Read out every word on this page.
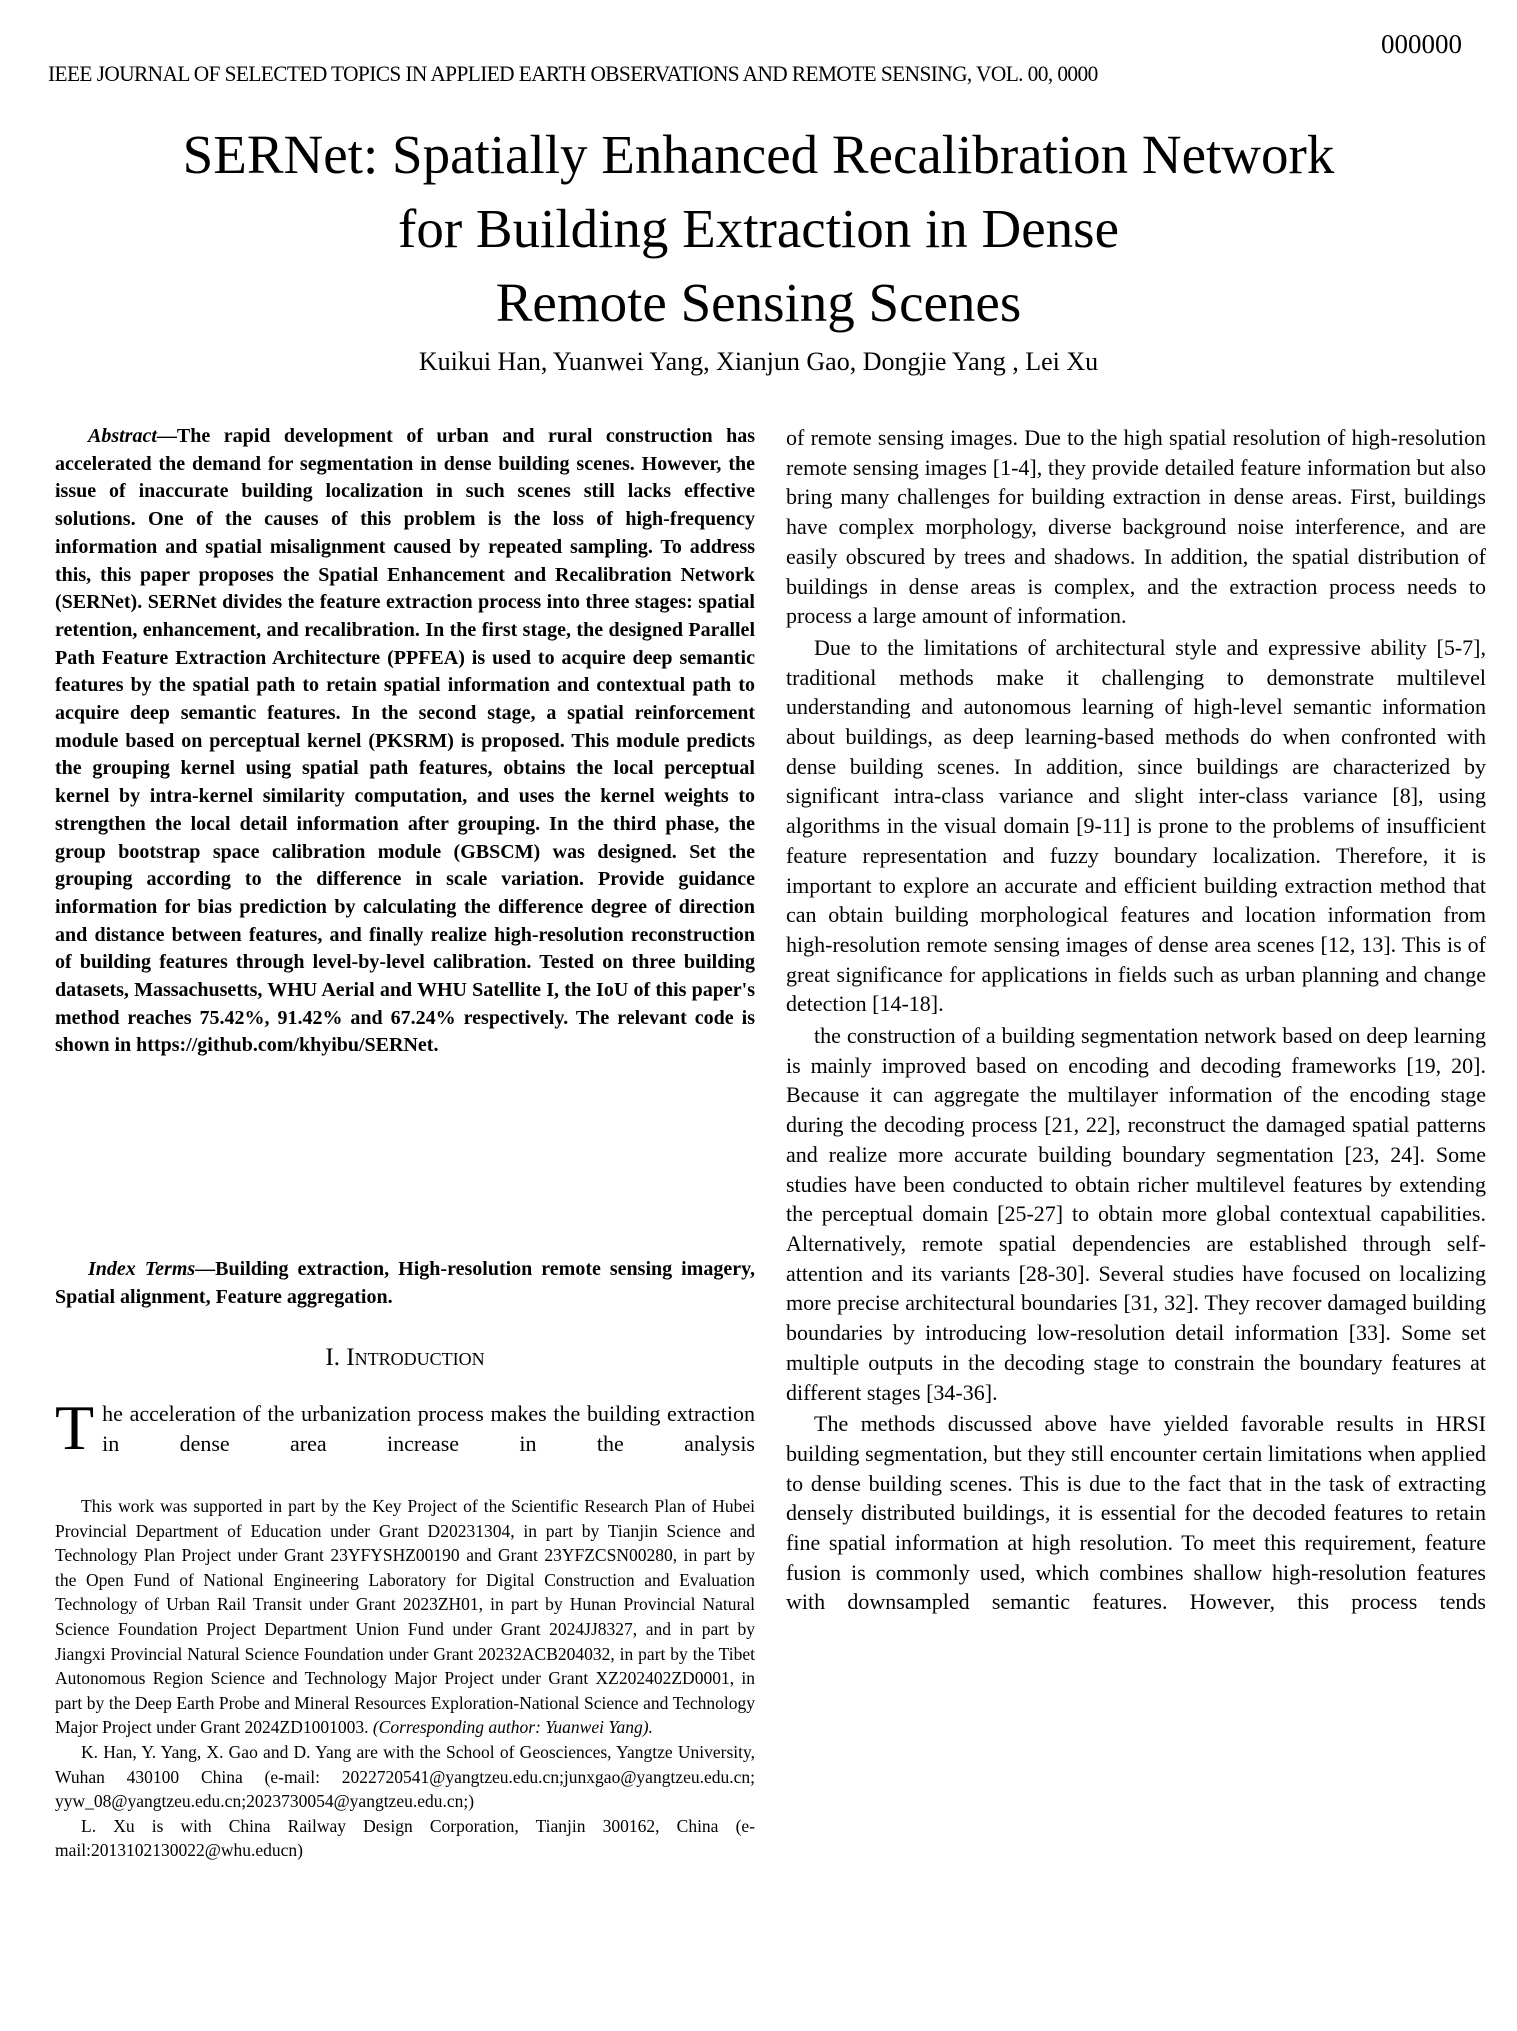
000000
IEEE JOURNAL OF SELECTED TOPICS IN APPLIED EARTH OBSERVATIONS AND REMOTE SENSING, VOL. 00, 0000
SERNet: Spatially Enhanced Recalibration Network
for Building Extraction in Dense
Remote Sensing Scenes
Kuikui Han, Yuanwei Yang, Xianjun Gao, Dongjie Yang , Lei Xu
Abstract—The rapid development of urban and rural construction has accelerated the demand for segmentation in dense building scenes. However, the issue of inaccurate building localization in such scenes still lacks effective solutions. One of the causes of this problem is the loss of high-frequency information and spatial misalignment caused by repeated sampling. To address this, this paper proposes the Spatial Enhancement and Recalibration Network (SERNet). SERNet divides the feature extraction process into three stages: spatial retention, enhancement, and recalibration. In the first stage, the designed Parallel Path Feature Extraction Architecture (PPFEA) is used to acquire deep semantic features by the spatial path to retain spatial information and contextual path to acquire deep semantic features. In the second stage, a spatial reinforcement module based on perceptual kernel (PKSRM) is proposed. This module predicts the grouping kernel using spatial path features, obtains the local perceptual kernel by intra-kernel similarity computation, and uses the kernel weights to strengthen the local detail information after grouping. In the third phase, the group bootstrap space calibration module (GBSCM) was designed. Set the grouping according to the difference in scale variation. Provide guidance information for bias prediction by calculating the difference degree of direction and distance between features, and finally realize high-resolution reconstruction of building features through level-by-level calibration. Tested on three building datasets, Massachusetts, WHU Aerial and WHU Satellite I, the IoU of this paper's method reaches 75.42%, 91.42% and 67.24% respectively. The relevant code is shown in https://github.com/khyibu/SERNet.
Index Terms—Building extraction, High-resolution remote sensing imagery, Spatial alignment, Feature aggregation.
I. Introduction
The acceleration of the urbanization process makes the building extraction in dense area increase in the analysis

This work was supported in part by the Key Project of the Scientific Research Plan of Hubei Provincial Department of Education under Grant D20231304, in part by Tianjin Science and Technology Plan Project under Grant 23YFYSHZ00190 and Grant 23YFZCSN00280, in part by the Open Fund of National Engineering Laboratory for Digital Construction and Evaluation Technology of Urban Rail Transit under Grant 2023ZH01, in part by Hunan Provincial Natural Science Foundation Project Department Union Fund under Grant 2024JJ8327, and in part by Jiangxi Provincial Natural Science Foundation under Grant 20232ACB204032, in part by the Tibet Autonomous Region Science and Technology Major Project under Grant XZ202402ZD0001, in part by the Deep Earth Probe and Mineral Resources Exploration-National Science and Technology Major Project under Grant 2024ZD1001003. (Corresponding author: Yuanwei Yang).

K. Han, Y. Yang, X. Gao and D. Yang are with the School of Geosciences, Yangtze University, Wuhan 430100 China (e-mail: 2022720541@yangtzeu.edu.cn;junxgao@yangtzeu.edu.cn; yyw_08@yangtzeu.edu.cn;2023730054@yangtzeu.edu.cn;)

L. Xu is with China Railway Design Corporation, Tianjin 300162, China (e-mail:2013102130022@whu.educn)

of remote sensing images. Due to the high spatial resolution of high-resolution remote sensing images [1-4], they provide detailed feature information but also bring many challenges for building extraction in dense areas. First, buildings have complex morphology, diverse background noise interference, and are easily obscured by trees and shadows. In addition, the spatial distribution of buildings in dense areas is complex, and the extraction process needs to process a large amount of information.

Due to the limitations of architectural style and expressive ability [5-7], traditional methods make it challenging to demonstrate multilevel understanding and autonomous learning of high-level semantic information about buildings, as deep learning-based methods do when confronted with dense building scenes. In addition, since buildings are characterized by significant intra-class variance and slight inter-class variance [8], using algorithms in the visual domain [9-11] is prone to the problems of insufficient feature representation and fuzzy boundary localization. Therefore, it is important to explore an accurate and efficient building extraction method that can obtain building morphological features and location information from high-resolution remote sensing images of dense area scenes [12, 13]. This is of great significance for applications in fields such as urban planning and change detection [14-18].

the construction of a building segmentation network based on deep learning is mainly improved based on encoding and decoding frameworks [19, 20]. Because it can aggregate the multilayer information of the encoding stage during the decoding process [21, 22], reconstruct the damaged spatial patterns and realize more accurate building boundary segmentation [23, 24]. Some studies have been conducted to obtain richer multilevel features by extending the perceptual domain [25-27] to obtain more global contextual capabilities. Alternatively, remote spatial dependencies are established through self-attention and its variants [28-30]. Several studies have focused on localizing more precise architectural boundaries [31, 32]. They recover damaged building boundaries by introducing low-resolution detail information [33]. Some set multiple outputs in the decoding stage to constrain the boundary features at different stages [34-36].

The methods discussed above have yielded favorable results in HRSI building segmentation, but they still encounter certain limitations when applied to dense building scenes. This is due to the fact that in the task of extracting densely distributed buildings, it is essential for the decoded features to retain fine spatial information at high resolution. To meet this requirement, feature fusion is commonly used, which combines shallow high-resolution features with downsampled semantic features. However, this process tends
